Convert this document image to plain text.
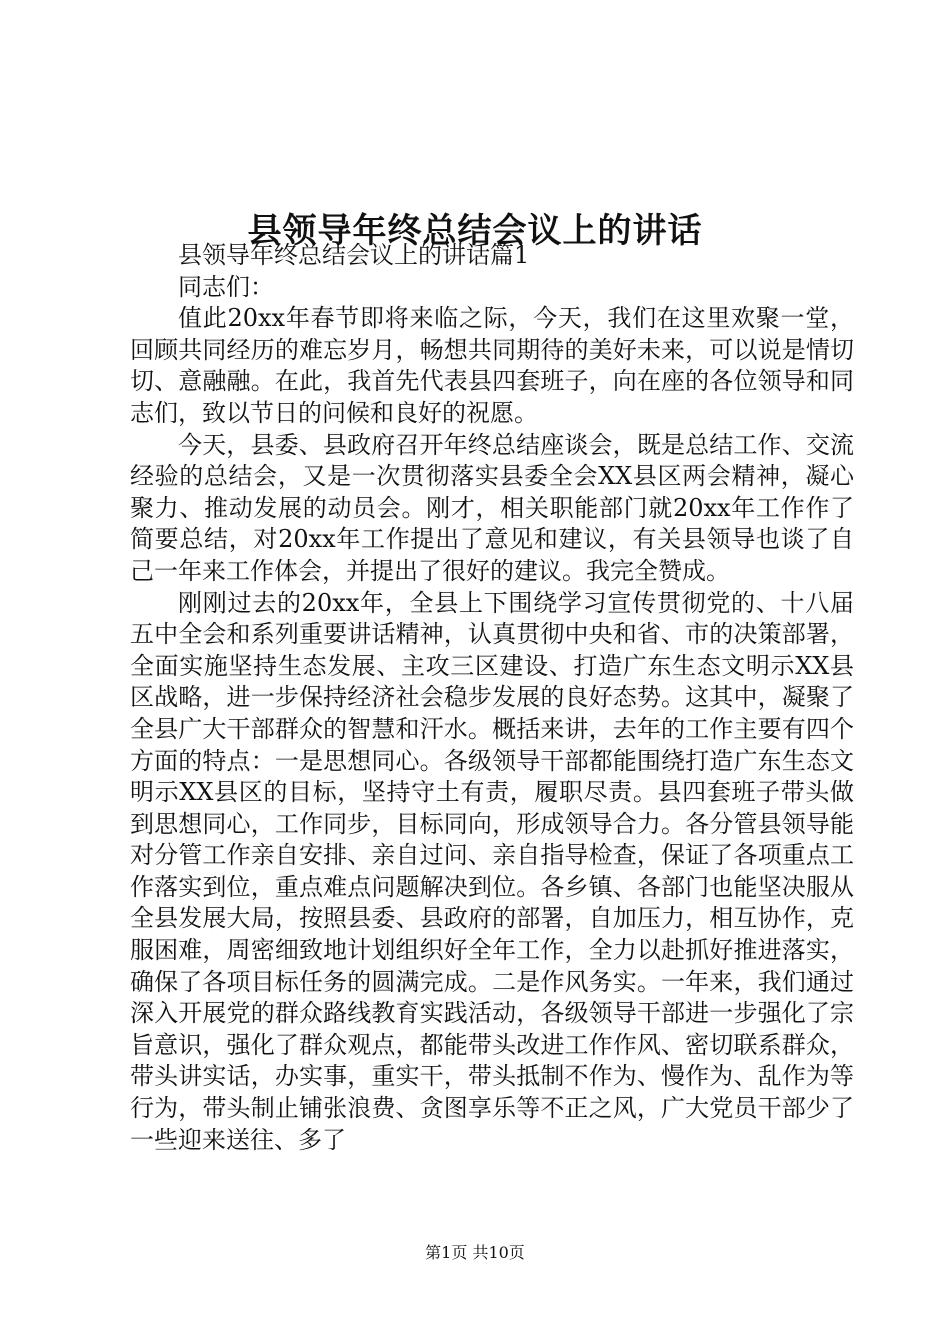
县领导年终总结会议上的讲话

县领导年终总结会议上的讲话篇1

同志们：

值此20xx年春节即将来临之际，今天，我们在这里欢聚一堂，回顾共同经历的难忘岁月，畅想共同期待的美好未来，可以说是情切切、意融融。在此，我首先代表县四套班子，向在座的各位领导和同志们，致以节日的问候和良好的祝愿。

今天，县委、县政府召开年终总结座谈会，既是总结工作、交流经验的总结会，又是一次贯彻落实县委全会XX县区两会精神，凝心聚力、推动发展的动员会。刚才，相关职能部门就20xx年工作作了简要总结，对20xx年工作提出了意见和建议，有关县领导也谈了自己一年来工作体会，并提出了很好的建议。我完全赞成。

刚刚过去的20xx年，全县上下围绕学习宣传贯彻党的、十八届五中全会和系列重要讲话精神，认真贯彻中央和省、市的决策部署，全面实施坚持生态发展、主攻三区建设、打造广东生态文明示XX县区战略，进一步保持经济社会稳步发展的良好态势。这其中，凝聚了全县广大干部群众的智慧和汗水。概括来讲，去年的工作主要有四个方面的特点：一是思想同心。各级领导干部都能围绕打造广东生态文明示XX县区的目标，坚持守土有责，履职尽责。县四套班子带头做到思想同心，工作同步，目标同向，形成领导合力。各分管县领导能对分管工作亲自安排、亲自过问、亲自指导检查，保证了各项重点工作落实到位，重点难点问题解决到位。各乡镇、各部门也能坚决服从全县发展大局，按照县委、县政府的部署，自加压力，相互协作，克服困难，周密细致地计划组织好全年工作，全力以赴抓好推进落实，确保了各项目标任务的圆满完成。二是作风务实。一年来，我们通过深入开展党的群众路线教育实践活动，各级领导干部进一步强化了宗旨意识，强化了群众观点，都能带头改进工作作风、密切联系群众，带头讲实话，办实事，重实干，带头抵制不作为、慢作为、乱作为等行为，带头制止铺张浪费、贪图享乐等不正之风，广大党员干部少了一些迎来送往、多了

第1页 共10页
